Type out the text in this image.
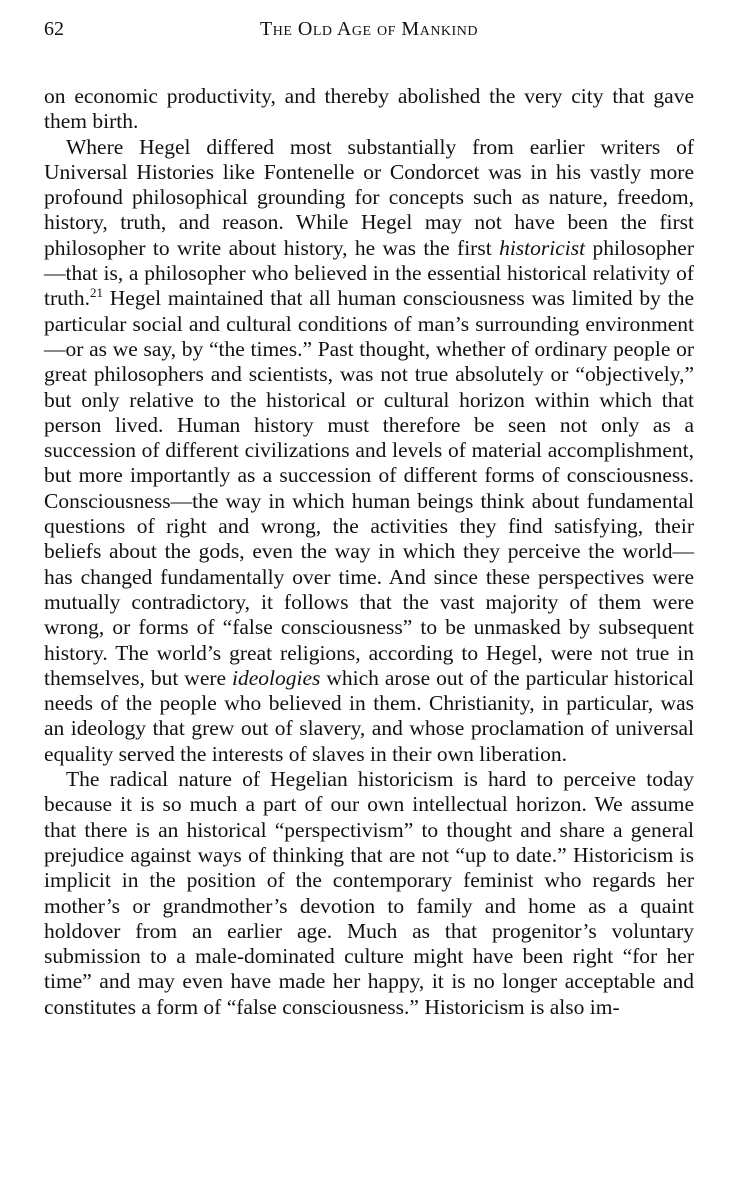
62	The Old Age of Mankind

on economic productivity, and thereby abolished the very city that gave them birth.

Where Hegel differed most substantially from earlier writers of Universal Histories like Fontenelle or Condorcet was in his vastly more profound philosophical grounding for concepts such as nature, freedom, history, truth, and reason. While Hegel may not have been the first philosopher to write about history, he was the first historicist philosopher—that is, a philosopher who believed in the essential historical relativity of truth.$^{21}$ Hegel maintained that all human consciousness was limited by the particular social and cultural conditions of man’s surrounding environment—or as we say, by “the times.” Past thought, whether of ordinary people or great philosophers and scientists, was not true absolutely or “objectively,” but only relative to the historical or cultural horizon within which that person lived. Human history must therefore be seen not only as a succession of different civilizations and levels of material accomplishment, but more importantly as a succession of different forms of consciousness. Consciousness—the way in which human beings think about fundamental questions of right and wrong, the activities they find satisfying, their beliefs about the gods, even the way in which they perceive the world—has changed fundamentally over time. And since these perspectives were mutually contradictory, it follows that the vast majority of them were wrong, or forms of “false consciousness” to be unmasked by subsequent history. The world’s great religions, according to Hegel, were not true in themselves, but were ideologies which arose out of the particular historical needs of the people who believed in them. Christianity, in particular, was an ideology that grew out of slavery, and whose proclamation of universal equality served the interests of slaves in their own liberation.

The radical nature of Hegelian historicism is hard to perceive today because it is so much a part of our own intellectual horizon. We assume that there is an historical “perspectivism” to thought and share a general prejudice against ways of thinking that are not “up to date.” Historicism is implicit in the position of the contemporary feminist who regards her mother’s or grandmother’s devotion to family and home as a quaint holdover from an earlier age. Much as that progenitor’s voluntary submission to a male-dominated culture might have been right “for her time” and may even have made her happy, it is no longer acceptable and constitutes a form of “false consciousness.” Historicism is also im-
